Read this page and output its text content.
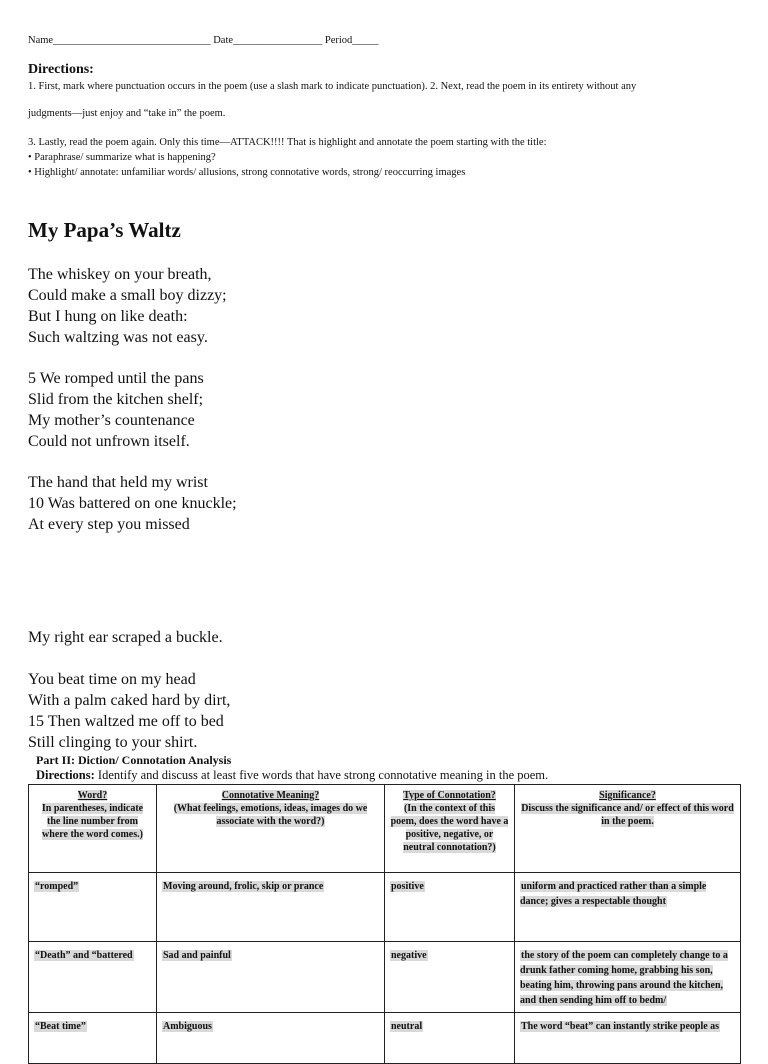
Name______________________________ Date_________________ Period_____
Directions:
1. First, mark where punctuation occurs in the poem (use a slash mark to indicate punctuation). 2. Next, read the poem in its entirety without any
judgments—just enjoy and “take in” the poem.
3. Lastly, read the poem again. Only this time—ATTACK!!!! That is highlight and annotate the poem starting with the title:
• Paraphrase/ summarize what is happening?
• Highlight/ annotate: unfamiliar words/ allusions, strong connotative words, strong/ reoccurring images
My Papa’s Waltz
The whiskey on your breath,
Could make a small boy dizzy;
But I hung on like death:
Such waltzing was not easy.
5 We romped until the pans
Slid from the kitchen shelf;
My mother’s countenance
Could not unfrown itself.
The hand that held my wrist
10 Was battered on one knuckle;
At every step you missed
My right ear scraped a buckle.
You beat time on my head
With a palm caked hard by dirt,
15 Then waltzed me off to bed
Still clinging to your shirt.
Part II: Diction/ Connotation Analysis
Directions: Identify and discuss at least five words that have strong connotative meaning in the poem.
Word?
In parentheses, indicate the line number from where the word comes.)	Connotative Meaning?
(What feelings, emotions, ideas, images do we associate with the word?)	Type of Connotation?
(In the context of this poem, does the word have a positive, negative, or neutral connotation?)	Significance?
Discuss the significance and/ or effect of this word in the poem.
“romped”	Moving around, frolic, skip or prance	positive	uniform and practiced rather than a simple dance; gives a respectable thought
“Death” and “battered	Sad and painful	negative	the story of the poem can completely change to a drunk father coming home, grabbing his son, beating him, throwing pans around the kitchen, and then sending him off to bedm/
“Beat time”	Ambiguous	neutral	The word “beat” can instantly strike people as
